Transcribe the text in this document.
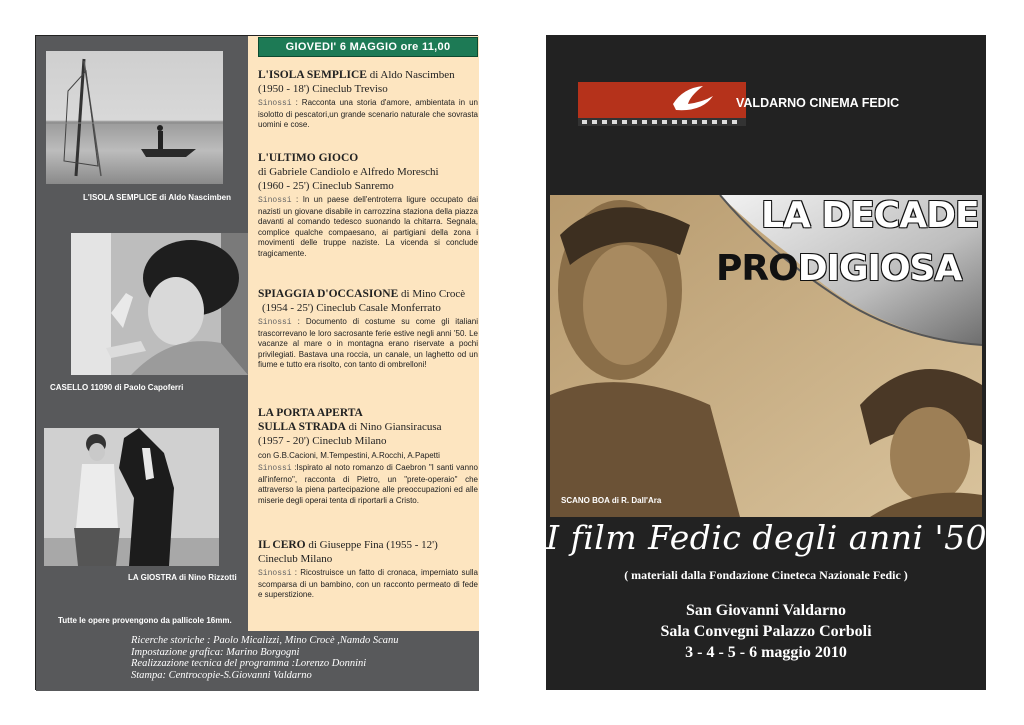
L'ISOLA SEMPLICE di Aldo Nascimben
CASELLO 11090 di Paolo Capoferri
LA GIOSTRA di Nino Rizzotti
Tutte le opere provengono da pallicole 16mm.
GIOVEDI' 6 MAGGIO ore 11,00
L'ISOLA SEMPLICE di Aldo Nascimben
(1950 - 18') Cineclub Treviso
Sinossi : Racconta una storia d'amore, ambientata in un isolotto di pescatori,un grande scenario naturale che sovrasta uomini e cose.
L'ULTIMO GIOCO
di Gabriele Candiolo e Alfredo Moreschi
(1960 - 25') Cineclub Sanremo
Sinossi : In un paese dell'entroterra ligure occupato dai nazisti un giovane disabile in carrozzina staziona della piazza davanti al comando tedesco suonando la chitarra. Segnala, complice qualche compaesano, ai partigiani della zona i movimenti delle truppe naziste. La vicenda si conclude tragicamente.
SPIAGGIA D'OCCASIONE di Mino Crocè
(1954 - 25') Cineclub Casale Monferrato
Sinossi : Documento di costume su come gli italiani trascorrevano le loro sacrosante ferie estive negli anni '50. Le vacanze al mare o in montagna erano riservate a pochi privilegiati. Bastava una roccia, un canale, un laghetto od un fiume e tutto era risolto, con tanto di ombrelloni!
LA PORTA APERTA
SULLA STRADA di Nino Giansiracusa
(1957 - 20') Cineclub Milano
con G.B.Cacioni, M.Tempestini, A.Rocchi, A.Papetti
Sinossi :Ispirato al noto romanzo di Caebron "I santi vanno all'inferno", racconta di Pietro, un "prete-operaio" che attraverso la piena partecipazione alle preoccupazioni ed alle miserie degli operai tenta di riportarli a Cristo.
IL CERO di Giuseppe Fina (1955 - 12')
Cineclub Milano
Sinossi : Ricostruisce un fatto di cronaca, imperniato sulla scomparsa di un bambino, con un racconto permeato di fede e superstizione.
Ricerche storiche : Paolo Micalizzi, Mino Crocè ,Namdo Scanu
Impostazione grafica: Marino Borgogni
Realizzazione tecnica del programma :Lorenzo Donnini
Stampa: Centrocopie-S.Giovanni Valdarno
VALDARNO CINEMA FEDIC
LA DECADE
PRODIGIOSA
SCANO BOA di R. Dall'Ara
I film Fedic degli anni '50
( materiali dalla Fondazione Cineteca Nazionale Fedic )
San Giovanni Valdarno
Sala Convegni Palazzo Corboli
3 - 4 - 5 - 6 maggio 2010
